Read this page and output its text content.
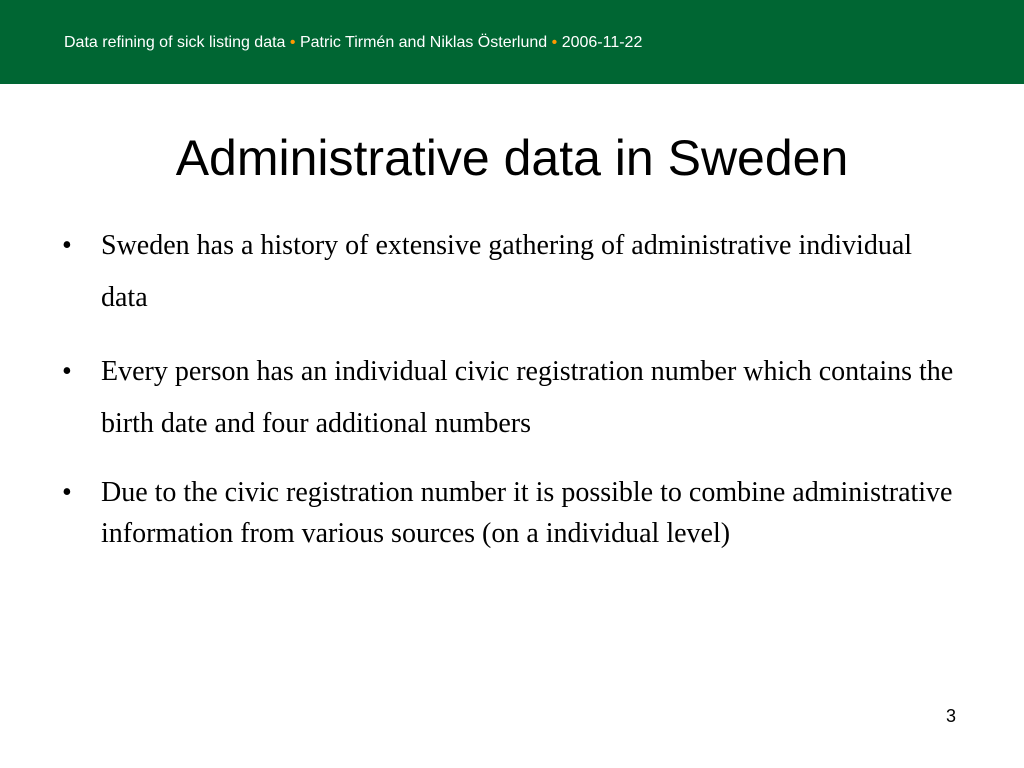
Data refining of sick listing data • Patric Tirmén and Niklas Österlund • 2006-11-22
Administrative data in Sweden
• Sweden has a history of extensive gathering of administrative individual data
• Every person has an individual civic registration number which contains the birth date and four additional numbers
• Due to the civic registration number it is possible to combine administrative information from various sources (on a individual level)
3
